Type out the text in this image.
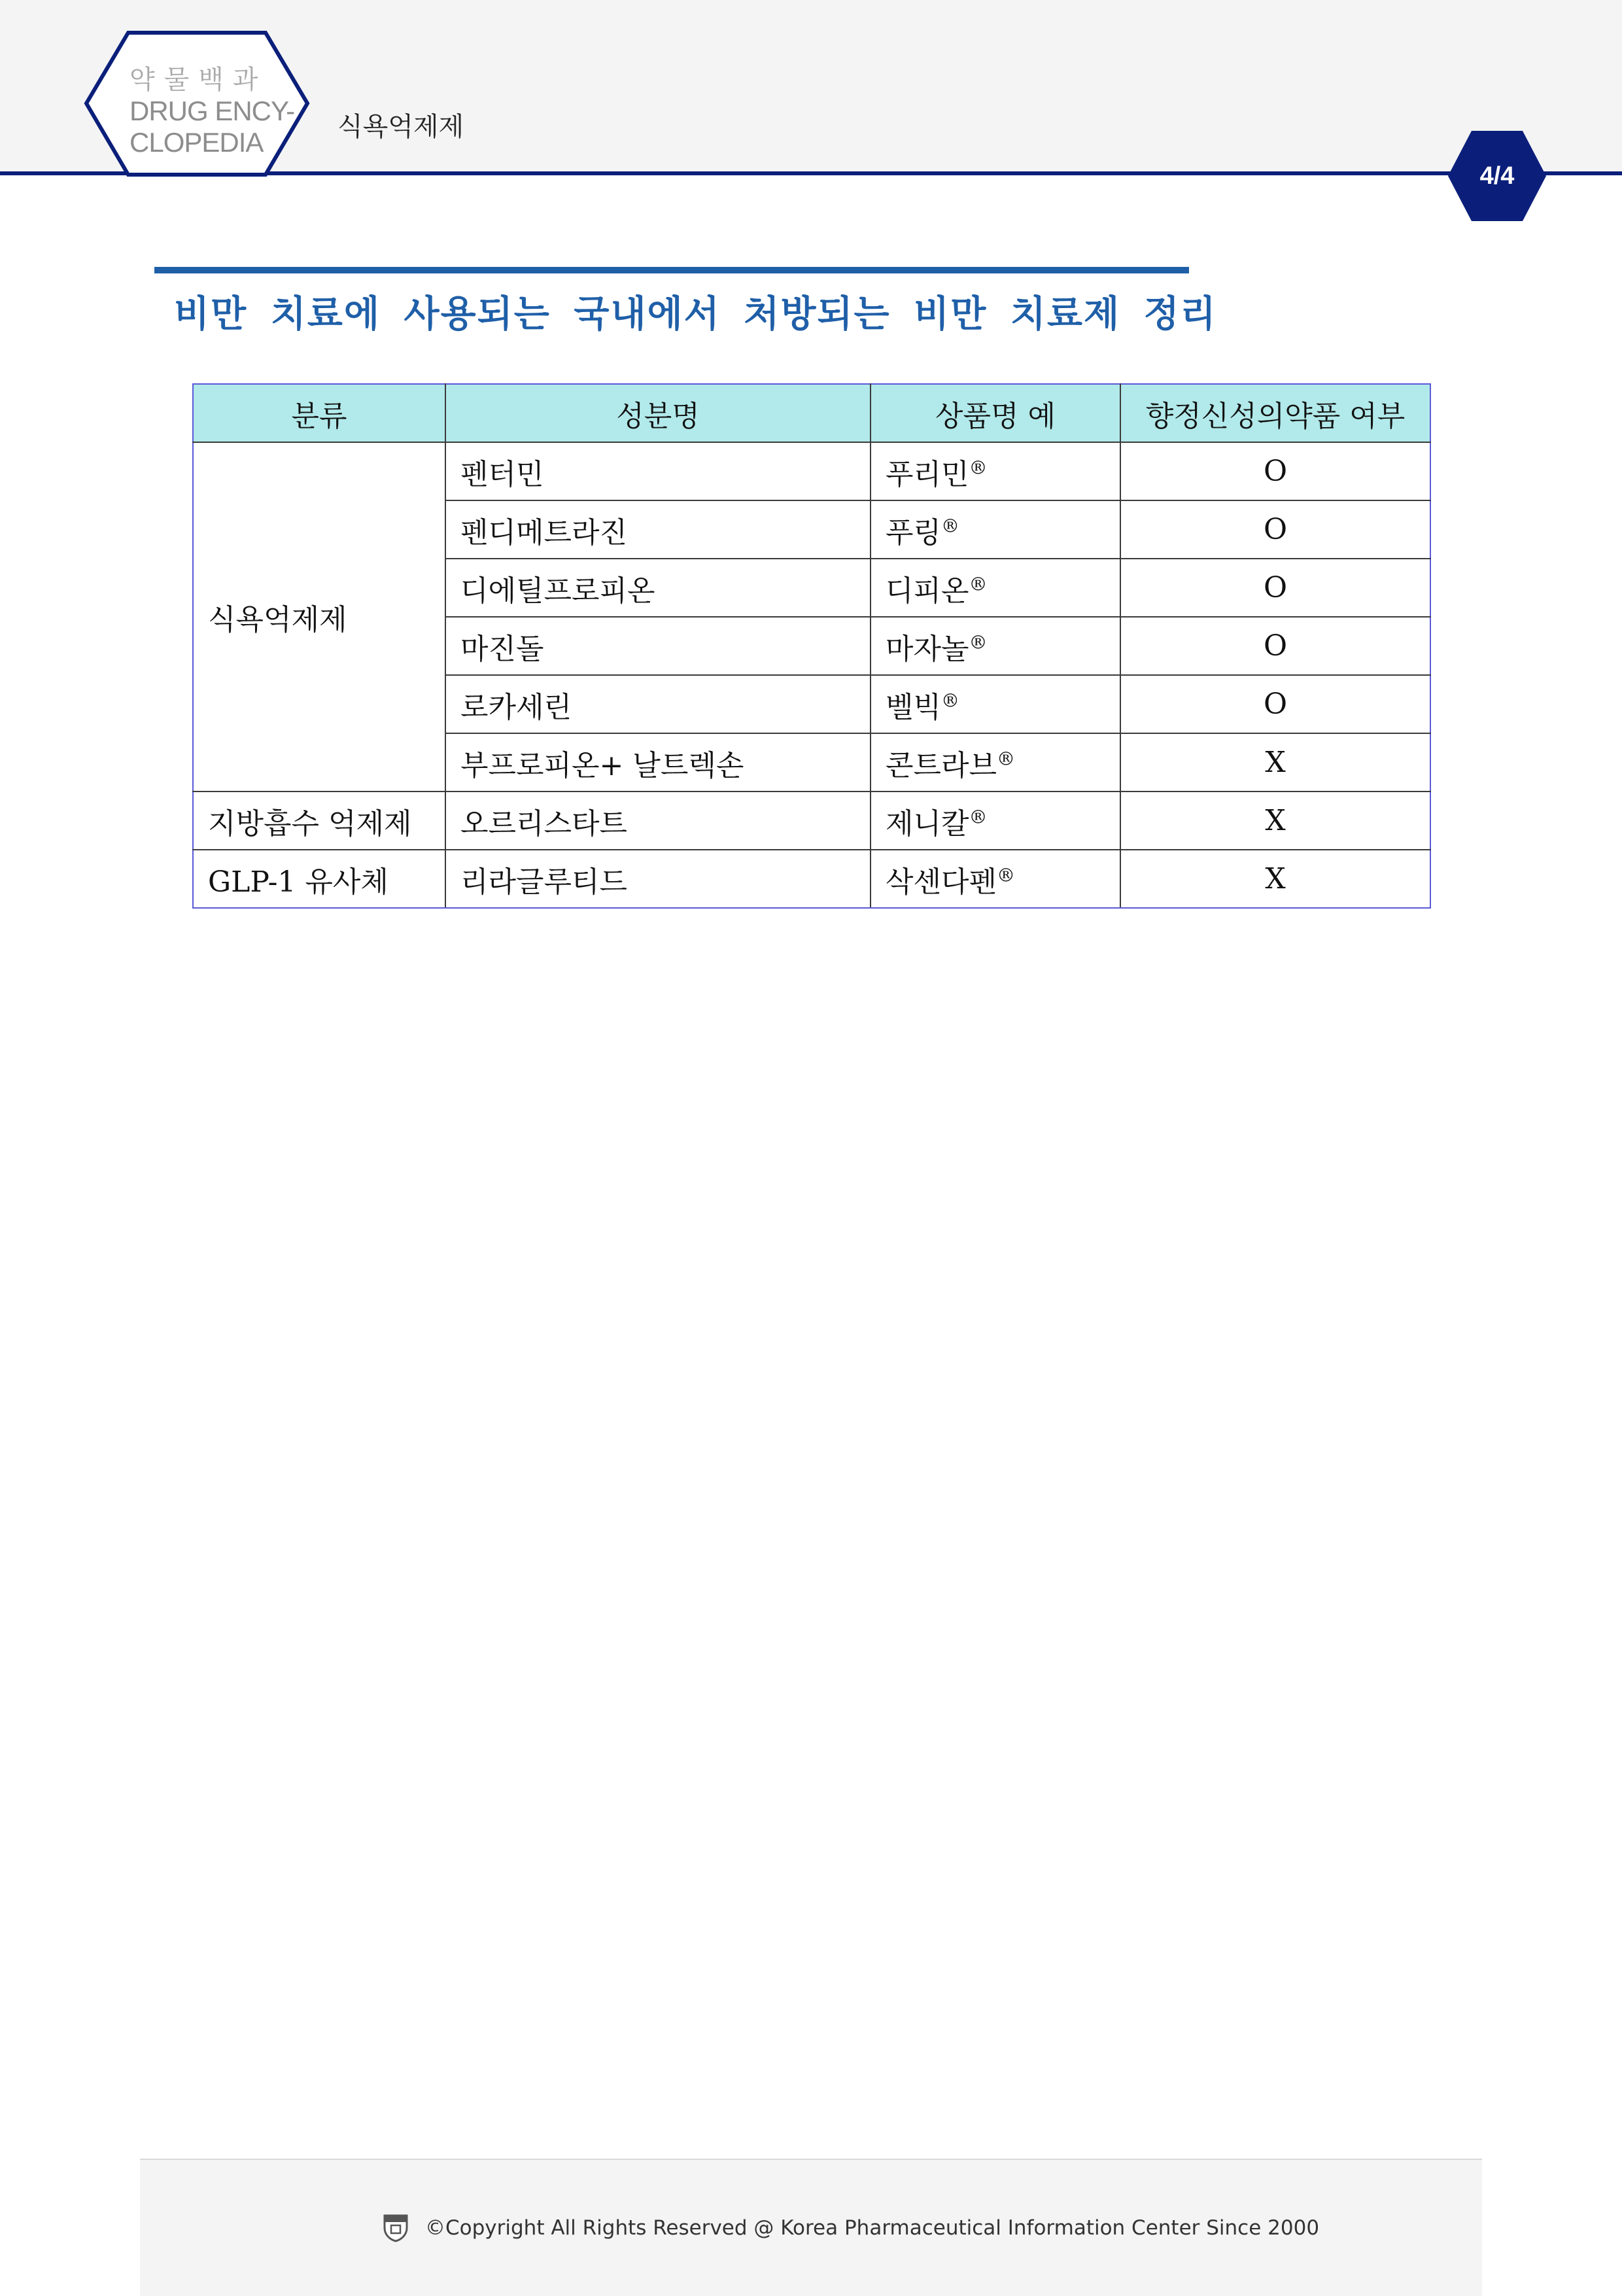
약물백과
DRUG ENCY-
CLOPEDIA	식욕억제제
4/4
비만 치료에 사용되는 국내에서 처방되는 비만 치료제 정리
분류	성분명	상품명 예	향정신성의약품 여부
식욕억제제	펜터민	푸리민®	O
	펜디메트라진	푸링®	O
	디에틸프로피온	디피온®	O
	마진돌	마자놀®	O
	로카세린	벨빅®	O
	부프로피온+ 날트렉손	콘트라브®	X
지방흡수 억제제	오르리스타트	제니칼®	X
GLP-1 유사체	리라글루티드	삭센다펜®	X
©Copyright All Rights Reserved @ Korea Pharmaceutical Information Center Since 2000
